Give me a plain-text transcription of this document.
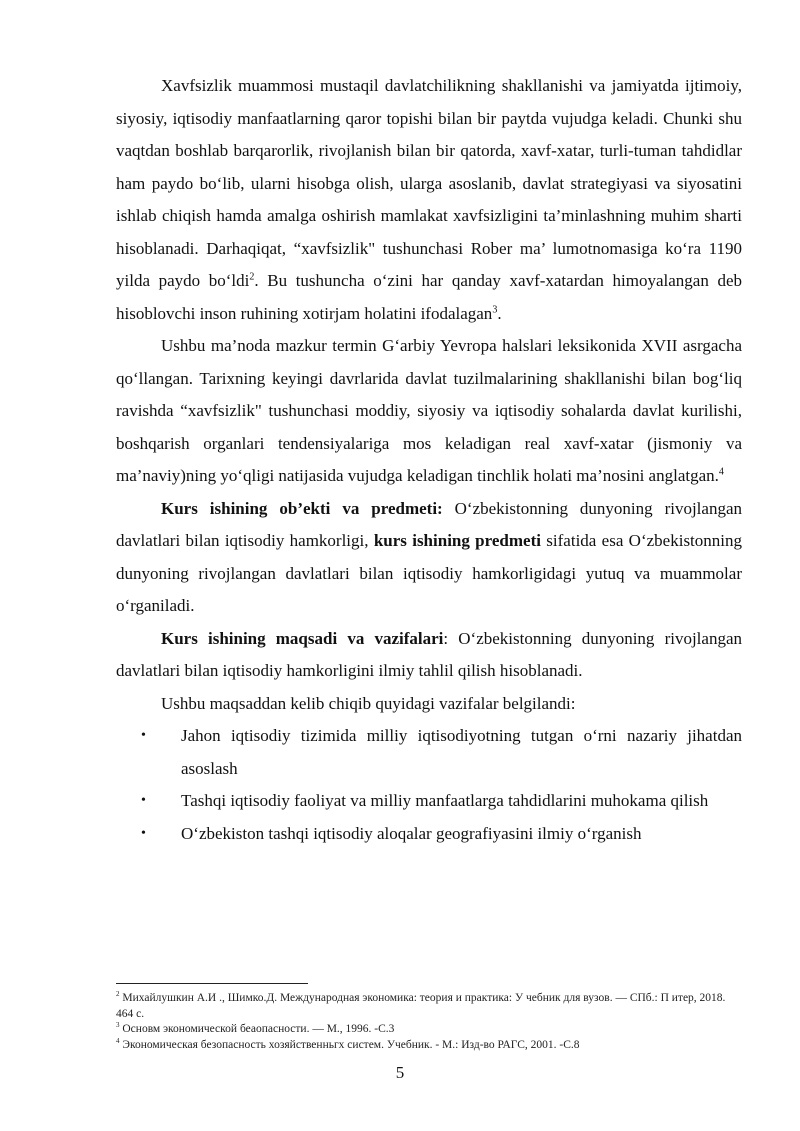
Xavfsizlik muammosi mustaqil davlatchilikning shakllanishi va jamiyatda ijtimoiy, siyosiy, iqtisodiy manfaatlarning qaror topishi bilan bir paytda vujudga keladi. Chunki shu vaqtdan boshlab barqarorlik, rivojlanish bilan bir qatorda, xavf-xatar, turli-tuman tahdidlar ham paydo bo‘lib, ularni hisobga olish, ularga asoslanib, davlat strategiyasi va siyosatini ishlab chiqish hamda amalga oshirish mamlakat xavfsizligini ta’minlashning muhim sharti hisoblanadi. Darhaqiqat, “xavfsizlik" tushunchasi Rober ma’ lumotnomasiga ko‘ra 1190 yilda paydo bo‘ldi$^2$. Bu tushuncha o‘zini har qanday xavf-xatardan himoyalangan deb hisoblovchi inson ruhining xotirjam holatini ifodalagan$^3$.

Ushbu ma’noda mazkur termin G‘arbiy Yevropa halslari leksikonida XVII asrgacha qo‘llangan. Tarixning keyingi davrlarida davlat tuzilmalarining shakllanishi bilan bog‘liq ravishda “xavfsizlik" tushunchasi moddiy, siyosiy va iqtisodiy sohalarda davlat kurilishi, boshqarish organlari tendensiyalariga mos keladigan real xavf-xatar (jismoniy va ma’naviy)ning yo‘qligi natijasida vujudga keladigan tinchlik holati ma’nosini anglatgan.$^4$

Kurs ishining ob’ekti va predmeti: O‘zbekistonning dunyoning rivojlangan davlatlari bilan iqtisodiy hamkorligi, kurs ishining predmeti sifatida esa O‘zbekistonning dunyoning rivojlangan davlatlari bilan iqtisodiy hamkorligidagi yutuq va muammolar o‘rganiladi.

Kurs ishining maqsadi va vazifalari: O‘zbekistonning dunyoning rivojlangan davlatlari bilan iqtisodiy hamkorligini ilmiy tahlil qilish hisoblanadi.

Ushbu maqsaddan kelib chiqib quyidagi vazifalar belgilandi:

• Jahon iqtisodiy tizimida milliy iqtisodiyotning tutgan o‘rni nazariy jihatdan asoslash
• Tashqi iqtisodiy faoliyat va milliy manfaatlarga tahdidlarini muhokama qilish
• O‘zbekiston tashqi iqtisodiy aloqalar geografiyasini ilmiy o‘rganish
$^2$ Михайлушкин А.И ., Шимко.Д. Международная экономика: теория и практика: У чебник для вузов. — СПб.: П итер, 2018. 464 с.
$^3$ Основм экономической беаопасности. — М., 1996. -С.3
$^4$ Экономическая безопасность хозяйственньгх систем. Учебник. - М.: Изд-во РАГС, 2001. -С.8
5
